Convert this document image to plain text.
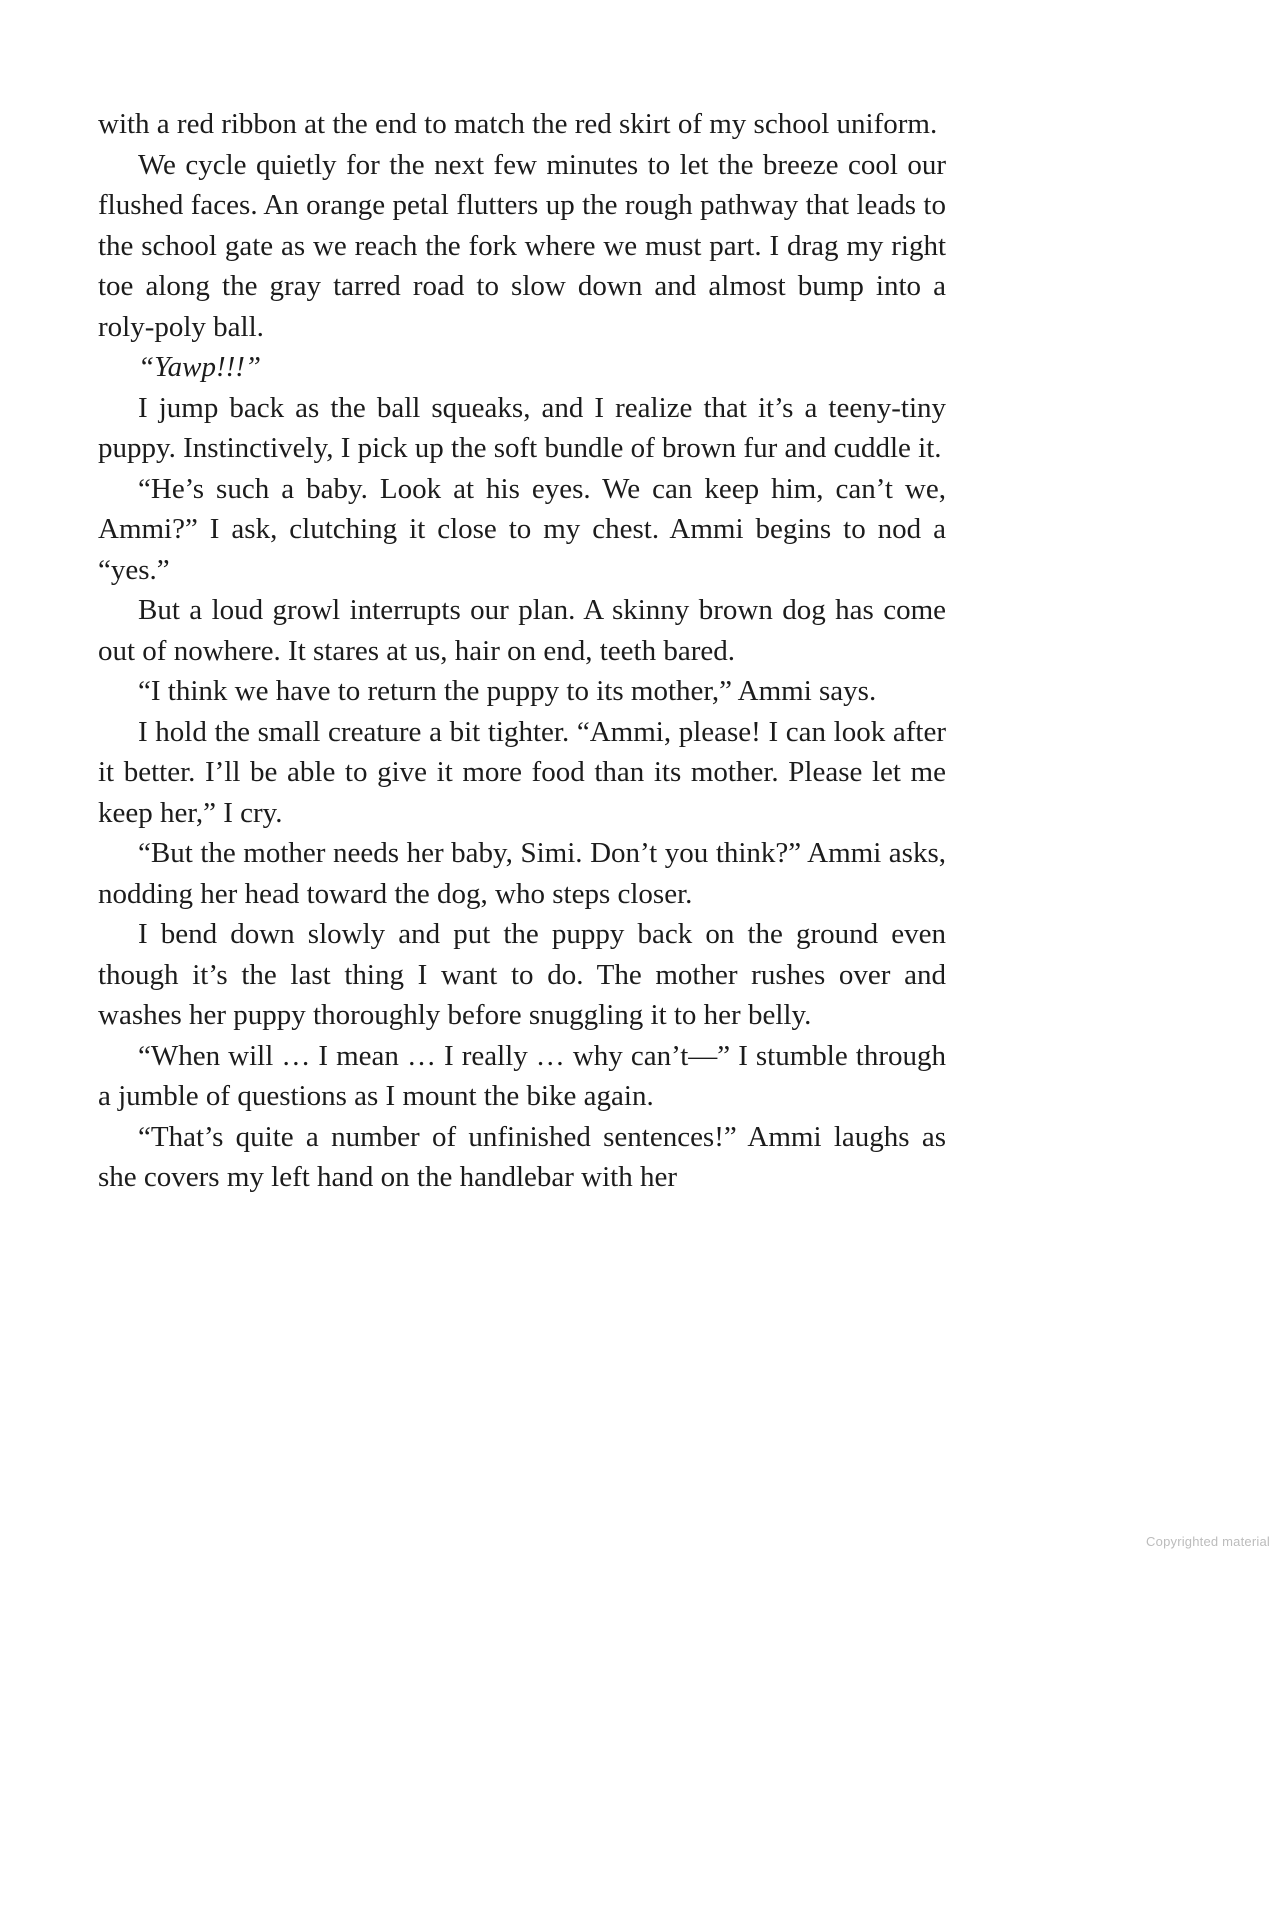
with a red ribbon at the end to match the red skirt of my school uniform.

We cycle quietly for the next few minutes to let the breeze cool our flushed faces. An orange petal flutters up the rough pathway that leads to the school gate as we reach the fork where we must part. I drag my right toe along the gray tarred road to slow down and almost bump into a roly-poly ball.

“Yawp!!!”

I jump back as the ball squeaks, and I realize that it’s a teeny-tiny puppy. Instinctively, I pick up the soft bundle of brown fur and cuddle it.

“He’s such a baby. Look at his eyes. We can keep him, can’t we, Ammi?” I ask, clutching it close to my chest. Ammi begins to nod a “yes.”

But a loud growl interrupts our plan. A skinny brown dog has come out of nowhere. It stares at us, hair on end, teeth bared.

“I think we have to return the puppy to its mother,” Ammi says.

I hold the small creature a bit tighter. “Ammi, please! I can look after it better. I’ll be able to give it more food than its mother. Please let me keep her,” I cry.

“But the mother needs her baby, Simi. Don’t you think?” Ammi asks, nodding her head toward the dog, who steps closer.

I bend down slowly and put the puppy back on the ground even though it’s the last thing I want to do. The mother rushes over and washes her puppy thoroughly before snuggling it to her belly.

“When will … I mean … I really … why can’t—” I stumble through a jumble of questions as I mount the bike again.

“That’s quite a number of unfinished sentences!” Ammi laughs as she covers my left hand on the handlebar with her

Copyrighted material
